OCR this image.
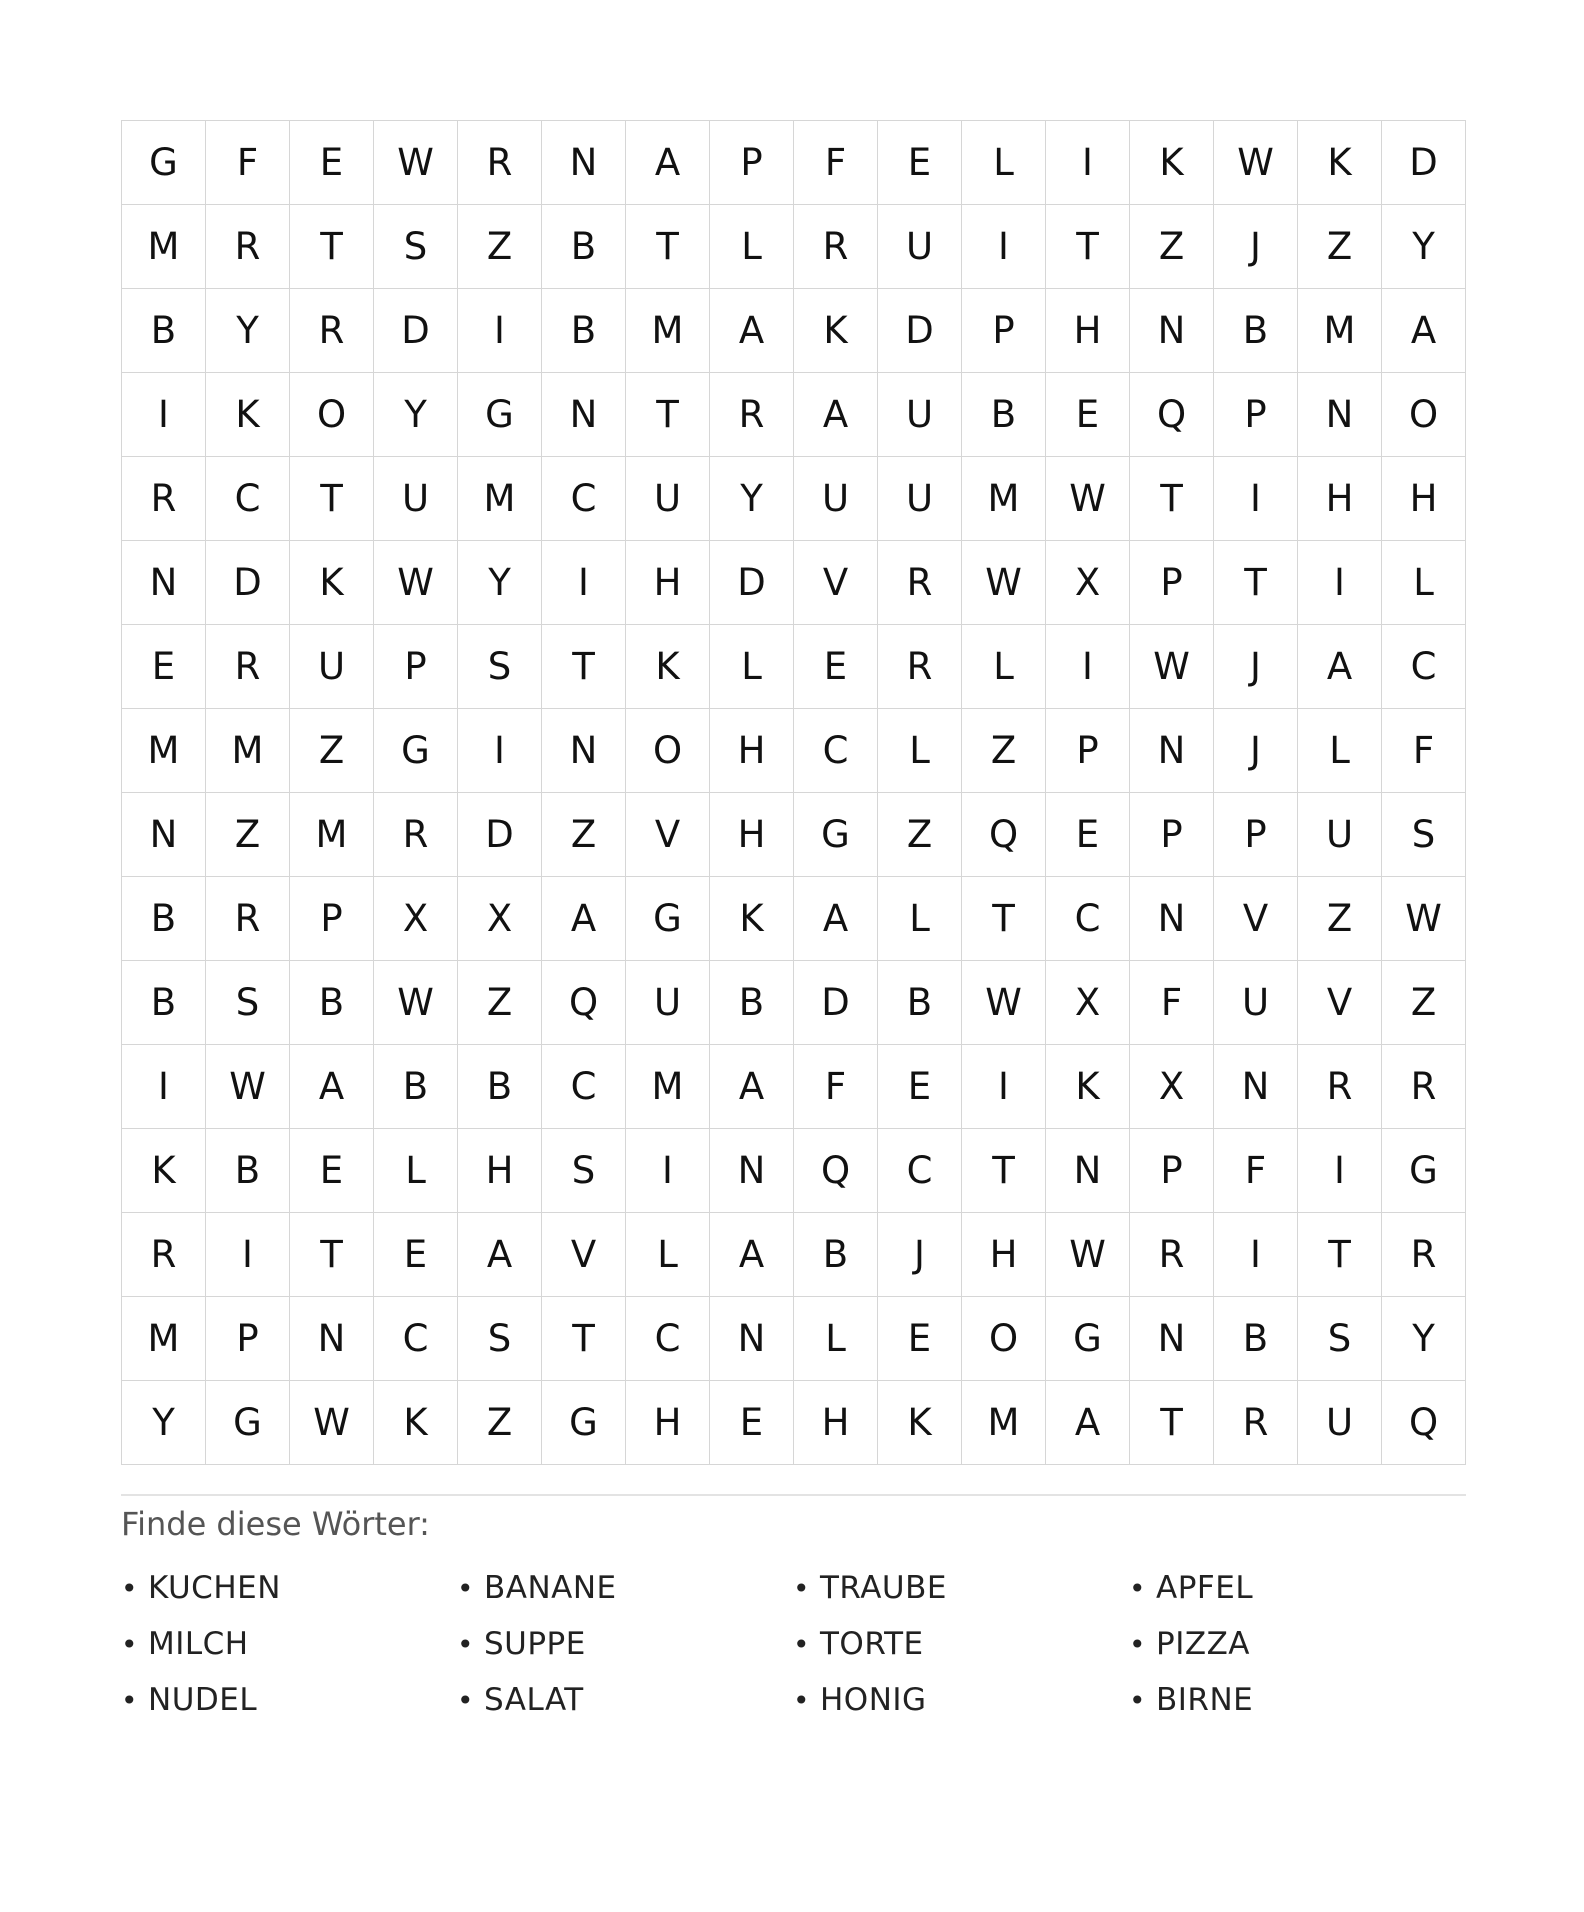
G	F	E	W	R	N	A	P	F	E	L	I	K	W	K	D
M	R	T	S	Z	B	T	L	R	U	I	T	Z	J	Z	Y
B	Y	R	D	I	B	M	A	K	D	P	H	N	B	M	A
I	K	O	Y	G	N	T	R	A	U	B	E	Q	P	N	O
R	C	T	U	M	C	U	Y	U	U	M	W	T	I	H	H
N	D	K	W	Y	I	H	D	V	R	W	X	P	T	I	L
E	R	U	P	S	T	K	L	E	R	L	I	W	J	A	C
M	M	Z	G	I	N	O	H	C	L	Z	P	N	J	L	F
N	Z	M	R	D	Z	V	H	G	Z	Q	E	P	P	U	S
B	R	P	X	X	A	G	K	A	L	T	C	N	V	Z	W
B	S	B	W	Z	Q	U	B	D	B	W	X	F	U	V	Z
I	W	A	B	B	C	M	A	F	E	I	K	X	N	R	R
K	B	E	L	H	S	I	N	Q	C	T	N	P	F	I	G
R	I	T	E	A	V	L	A	B	J	H	W	R	I	T	R
M	P	N	C	S	T	C	N	L	E	O	G	N	B	S	Y
Y	G	W	K	Z	G	H	E	H	K	M	A	T	R	U	Q
Finde diese Wörter:
• KUCHEN	• BANANE	• TRAUBE	• APFEL
• MILCH	• SUPPE	• TORTE	• PIZZA
• NUDEL	• SALAT	• HONIG	• BIRNE
